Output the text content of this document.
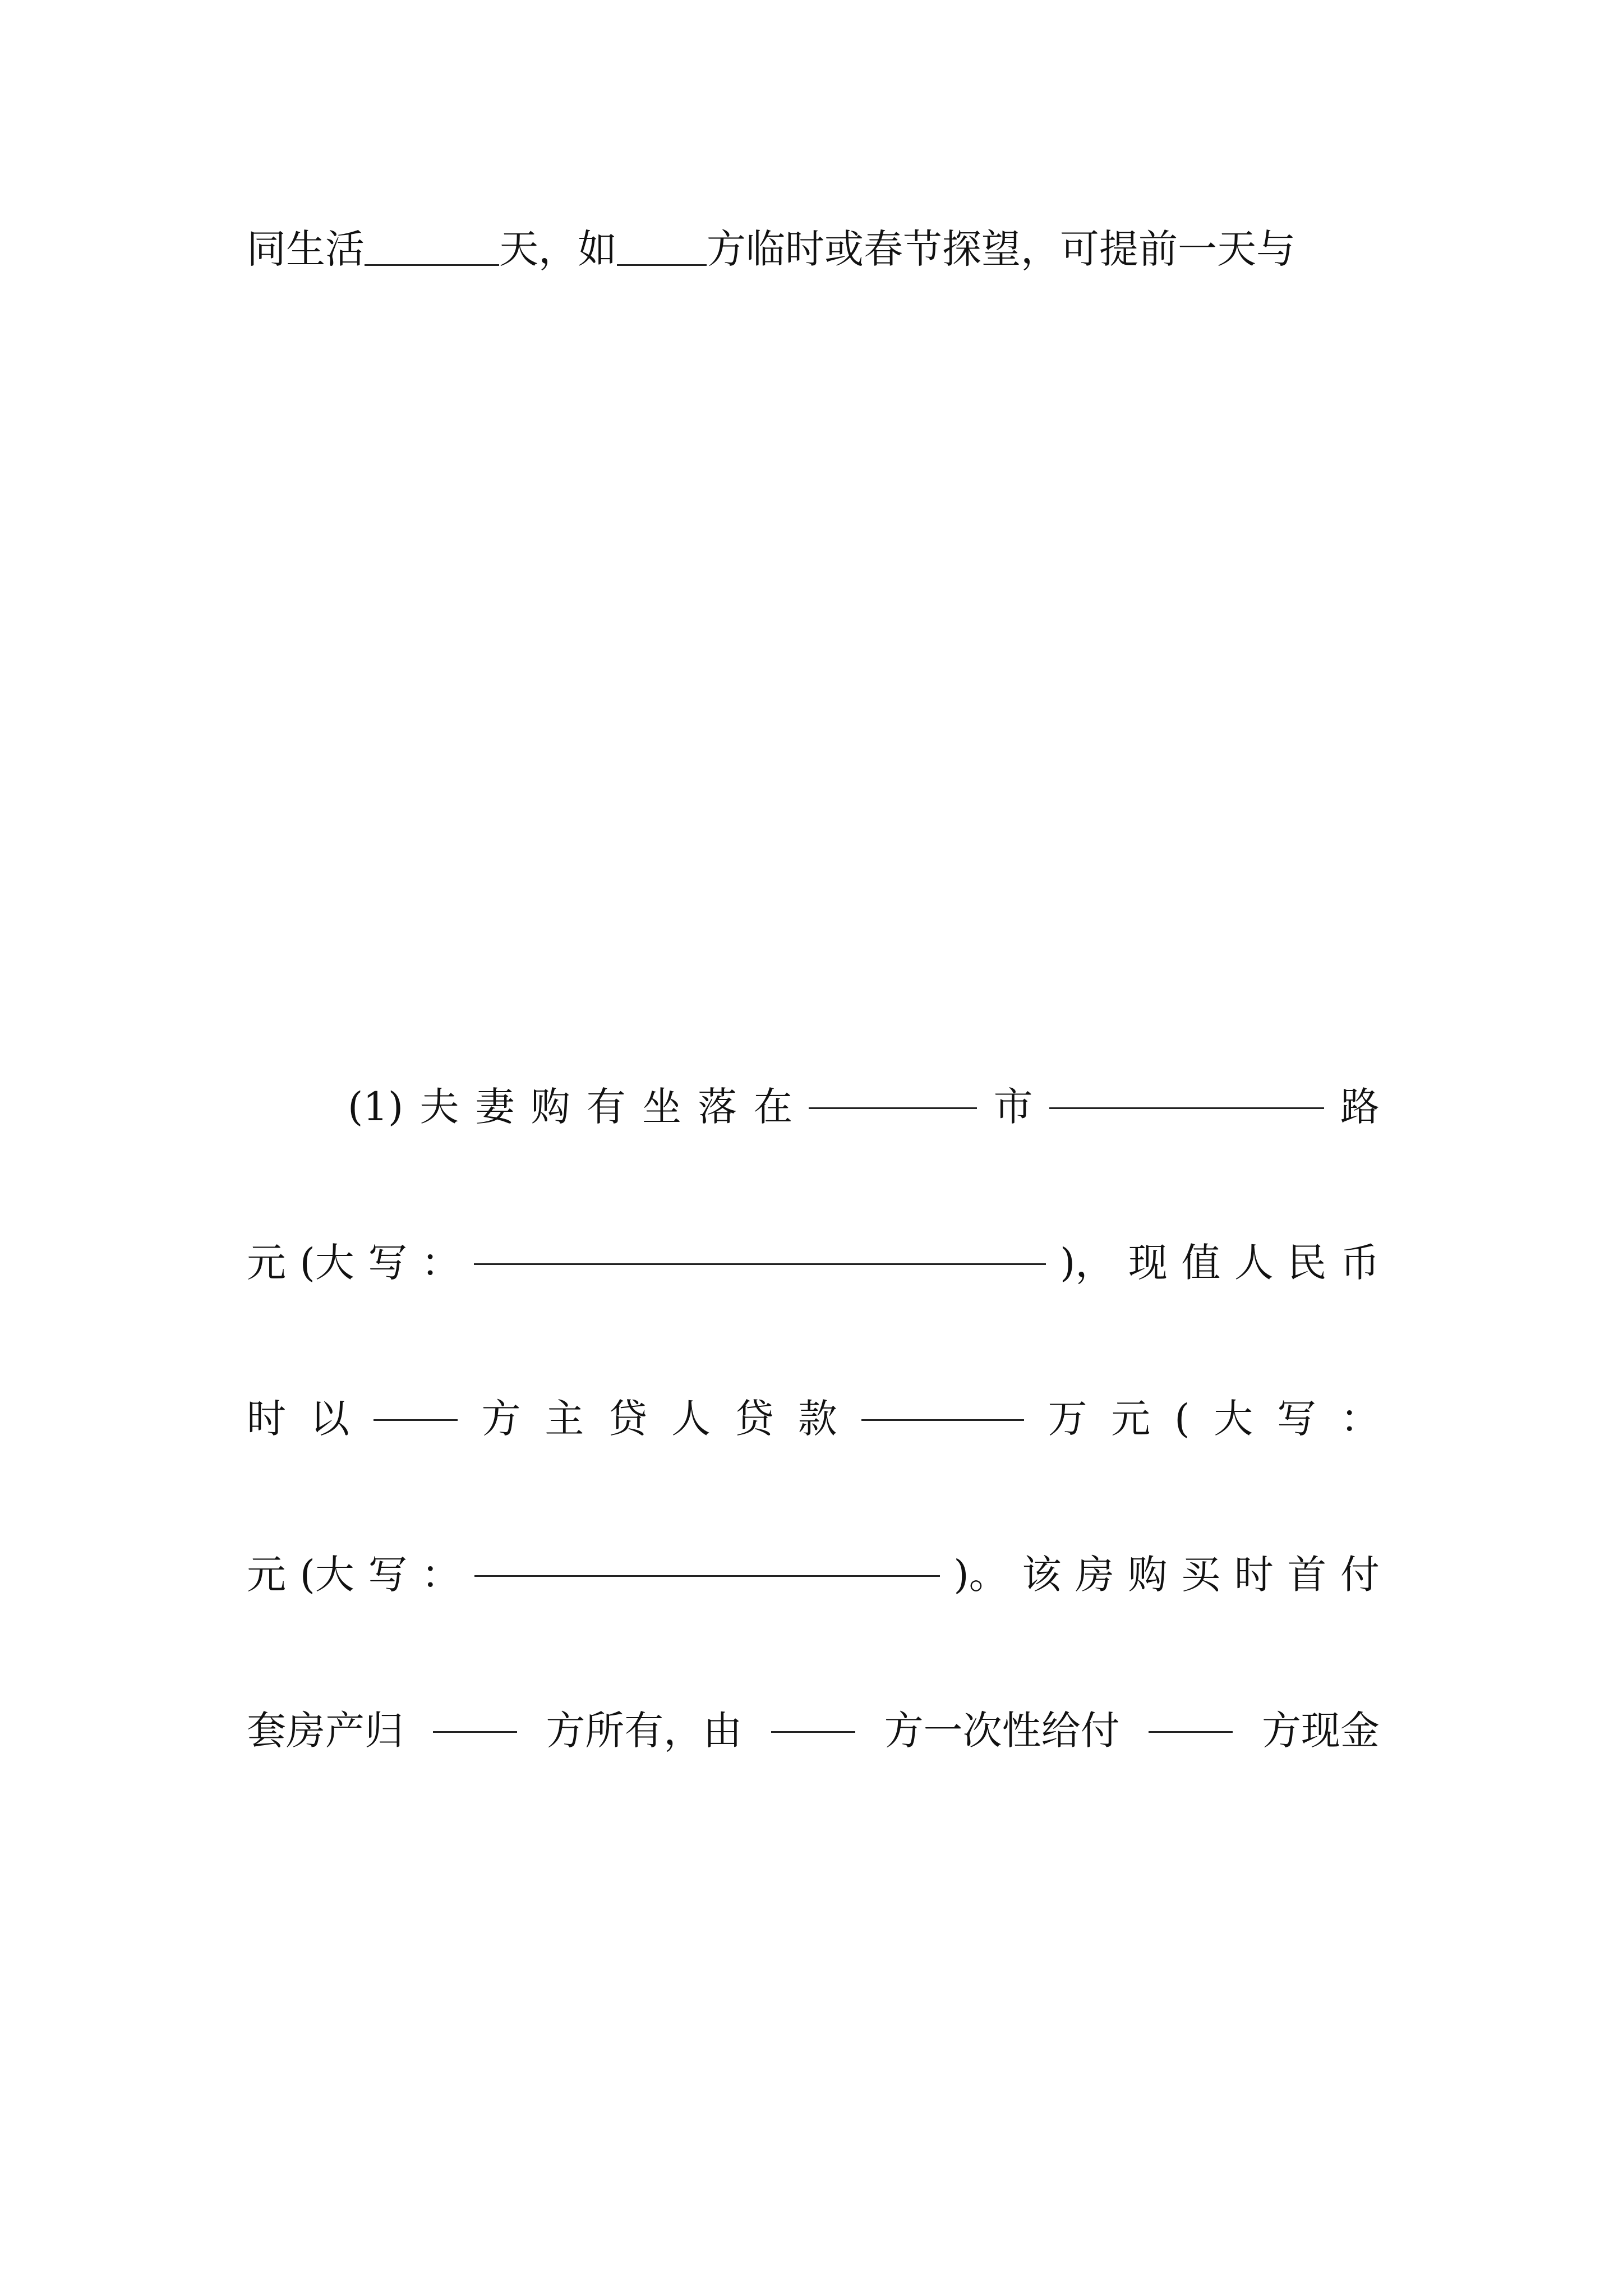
同生活	天，如 方临时或春节探望，可提前一天与

(1) 夫 妻 购 有 坐 落 在	市	路

元 (大 写 ：	)， 现 值 人 民 币

时 以	方 主 贷 人 贷 款	万 元 ( 大 写 ：

元 (大 写 ：	)。 该 房 购 买 时 首 付

套房产归	方所有，由	方一次性给付	方现金
